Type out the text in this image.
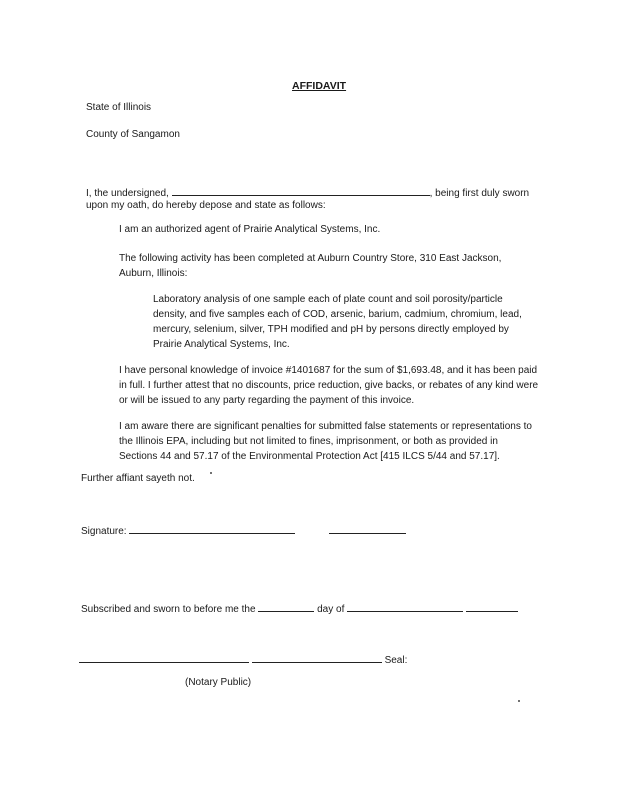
AFFIDAVIT
State of Illinois
County of Sangamon
I, the undersigned,	, being first duly sworn
upon my oath, do hereby depose and state as follows:
I am an authorized agent of Prairie Analytical Systems, Inc.
The following activity has been completed at Auburn Country Store, 310 East Jackson, Auburn, Illinois:
Laboratory analysis of one sample each of plate count and soil porosity/particle density, and five samples each of COD, arsenic, barium, cadmium, chromium, lead, mercury, selenium, silver, TPH modified and pH by persons directly employed by Prairie Analytical Systems, Inc.
I have personal knowledge of invoice #1401687 for the sum of $1,693.48, and it has been paid in full. I further attest that no discounts, price reduction, give backs, or rebates of any kind were or will be issued to any party regarding the payment of this invoice.
I am aware there are significant penalties for submitted false statements or representations to the Illinois EPA, including but not limited to fines, imprisonment, or both as provided in Sections 44 and 57.17 of the Environmental Protection Act [415 ILCS 5/44 and 57.17].
Further affiant sayeth not.
Signature:
Subscribed and sworn to before me the	day of
Seal:
(Notary Public)
